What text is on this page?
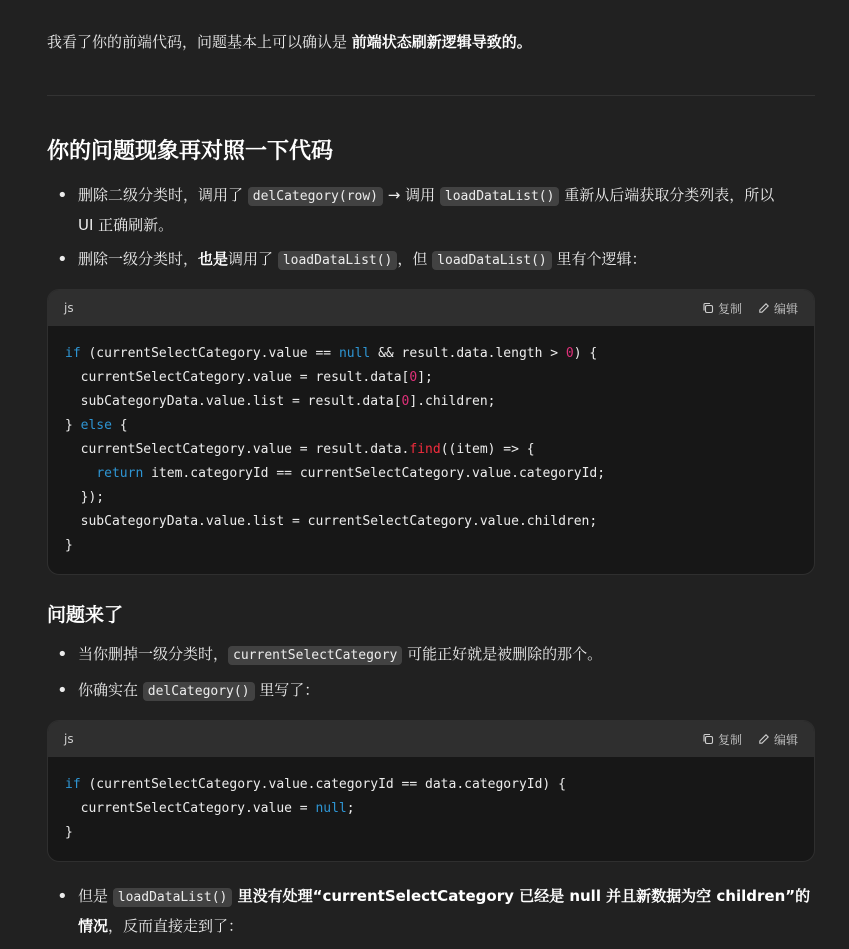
我看了你的前端代码，问题基本上可以确认是 前端状态刷新逻辑导致的。
你的问题现象再对照一下代码
• 删除二级分类时，调用了 delCategory(row) → 调用 loadDataList() 重新从后端获取分类列表，所以
UI 正确刷新。
• 删除一级分类时，也是调用了 loadDataList() ，但 loadDataList() 里有个逻辑：
js	复制	编辑
if (currentSelectCategory.value == null && result.data.length > 0) {
currentSelectCategory.value = result.data[0];
subCategoryData.value.list = result.data[0].children;
} else {
currentSelectCategory.value = result.data.find((item) => {
return item.categoryId == currentSelectCategory.value.categoryId;
});
subCategoryData.value.list = currentSelectCategory.value.children;
}
问题来了
• 当你删掉一级分类时， currentSelectCategory 可能正好就是被删除的那个。
• 你确实在 delCategory() 里写了：
js	复制	编辑
if (currentSelectCategory.value.categoryId == data.categoryId) {
currentSelectCategory.value = null;
}
• 但是 loadDataList() 里没有处理“currentSelectCategory 已经是 null 并且新数据为空 children”的
情况，反而直接走到了：
